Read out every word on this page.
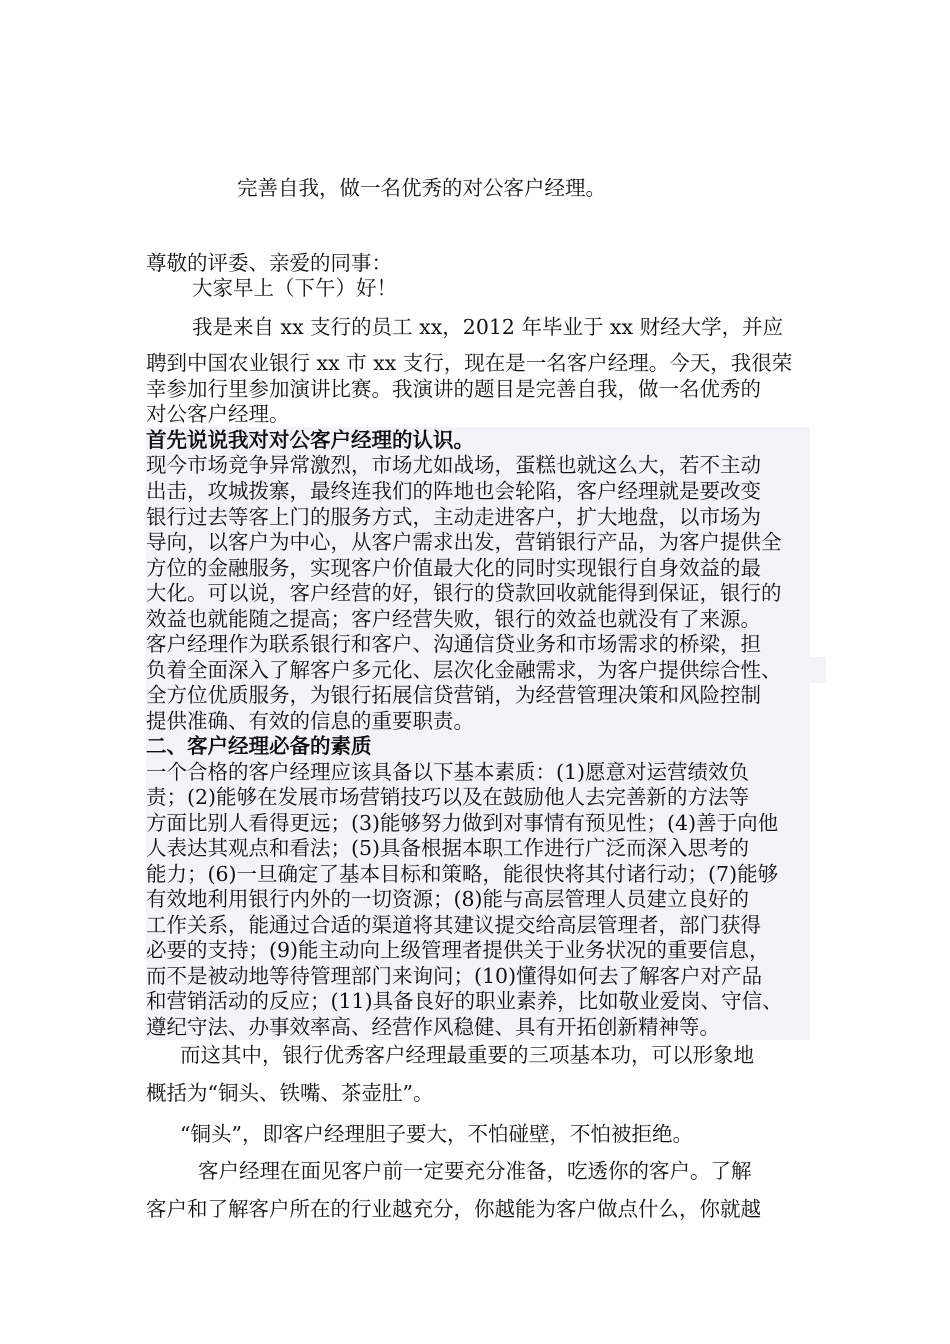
完善自我，做一名优秀的对公客户经理。
尊敬的评委、亲爱的同事：
大家早上（下午）好！
我是来自 xx 支行的员工 xx，2012 年毕业于 xx 财经大学，并应
聘到中国农业银行 xx 市 xx 支行，现在是一名客户经理。今天，我很荣
幸参加行里参加演讲比赛。我演讲的题目是完善自我，做一名优秀的
对公客户经理。
首先说说我对对公客户经理的认识。
现今市场竞争异常激烈，市场尤如战场，蛋糕也就这么大，若不主动
出击，攻城拨寨，最终连我们的阵地也会轮陷，客户经理就是要改变
银行过去等客上门的服务方式，主动走进客户，扩大地盘，以市场为
导向，以客户为中心，从客户需求出发，营销银行产品，为客户提供全
方位的金融服务，实现客户价值最大化的同时实现银行自身效益的最
大化。可以说，客户经营的好，银行的贷款回收就能得到保证，银行的
效益也就能随之提高；客户经营失败，银行的效益也就没有了来源。
客户经理作为联系银行和客户、沟通信贷业务和市场需求的桥梁，担
负着全面深入了解客户多元化、层次化金融需求，为客户提供综合性、
全方位优质服务，为银行拓展信贷营销，为经营管理决策和风险控制
提供准确、有效的信息的重要职责。
二、客户经理必备的素质
一个合格的客户经理应该具备以下基本素质：(1)愿意对运营绩效负
责；(2)能够在发展市场营销技巧以及在鼓励他人去完善新的方法等
方面比别人看得更远；(3)能够努力做到对事情有预见性；(4)善于向他
人表达其观点和看法；(5)具备根据本职工作进行广泛而深入思考的
能力；(6)一旦确定了基本目标和策略，能很快将其付诸行动；(7)能够
有效地利用银行内外的一切资源；(8)能与高层管理人员建立良好的
工作关系，能通过合适的渠道将其建议提交给高层管理者，部门获得
必要的支持；(9)能主动向上级管理者提供关于业务状况的重要信息，
而不是被动地等待管理部门来询问；(10)懂得如何去了解客户对产品
和营销活动的反应；(11)具备良好的职业素养，比如敬业爱岗、守信、
遵纪守法、办事效率高、经营作风稳健、具有开拓创新精神等。
而这其中，银行优秀客户经理最重要的三项基本功，可以形象地
概括为“铜头、铁嘴、茶壶肚”。
“铜头”，即客户经理胆子要大，不怕碰壁，不怕被拒绝。
客户经理在面见客户前一定要充分准备，吃透你的客户。了解
客户和了解客户所在的行业越充分，你越能为客户做点什么，你就越
